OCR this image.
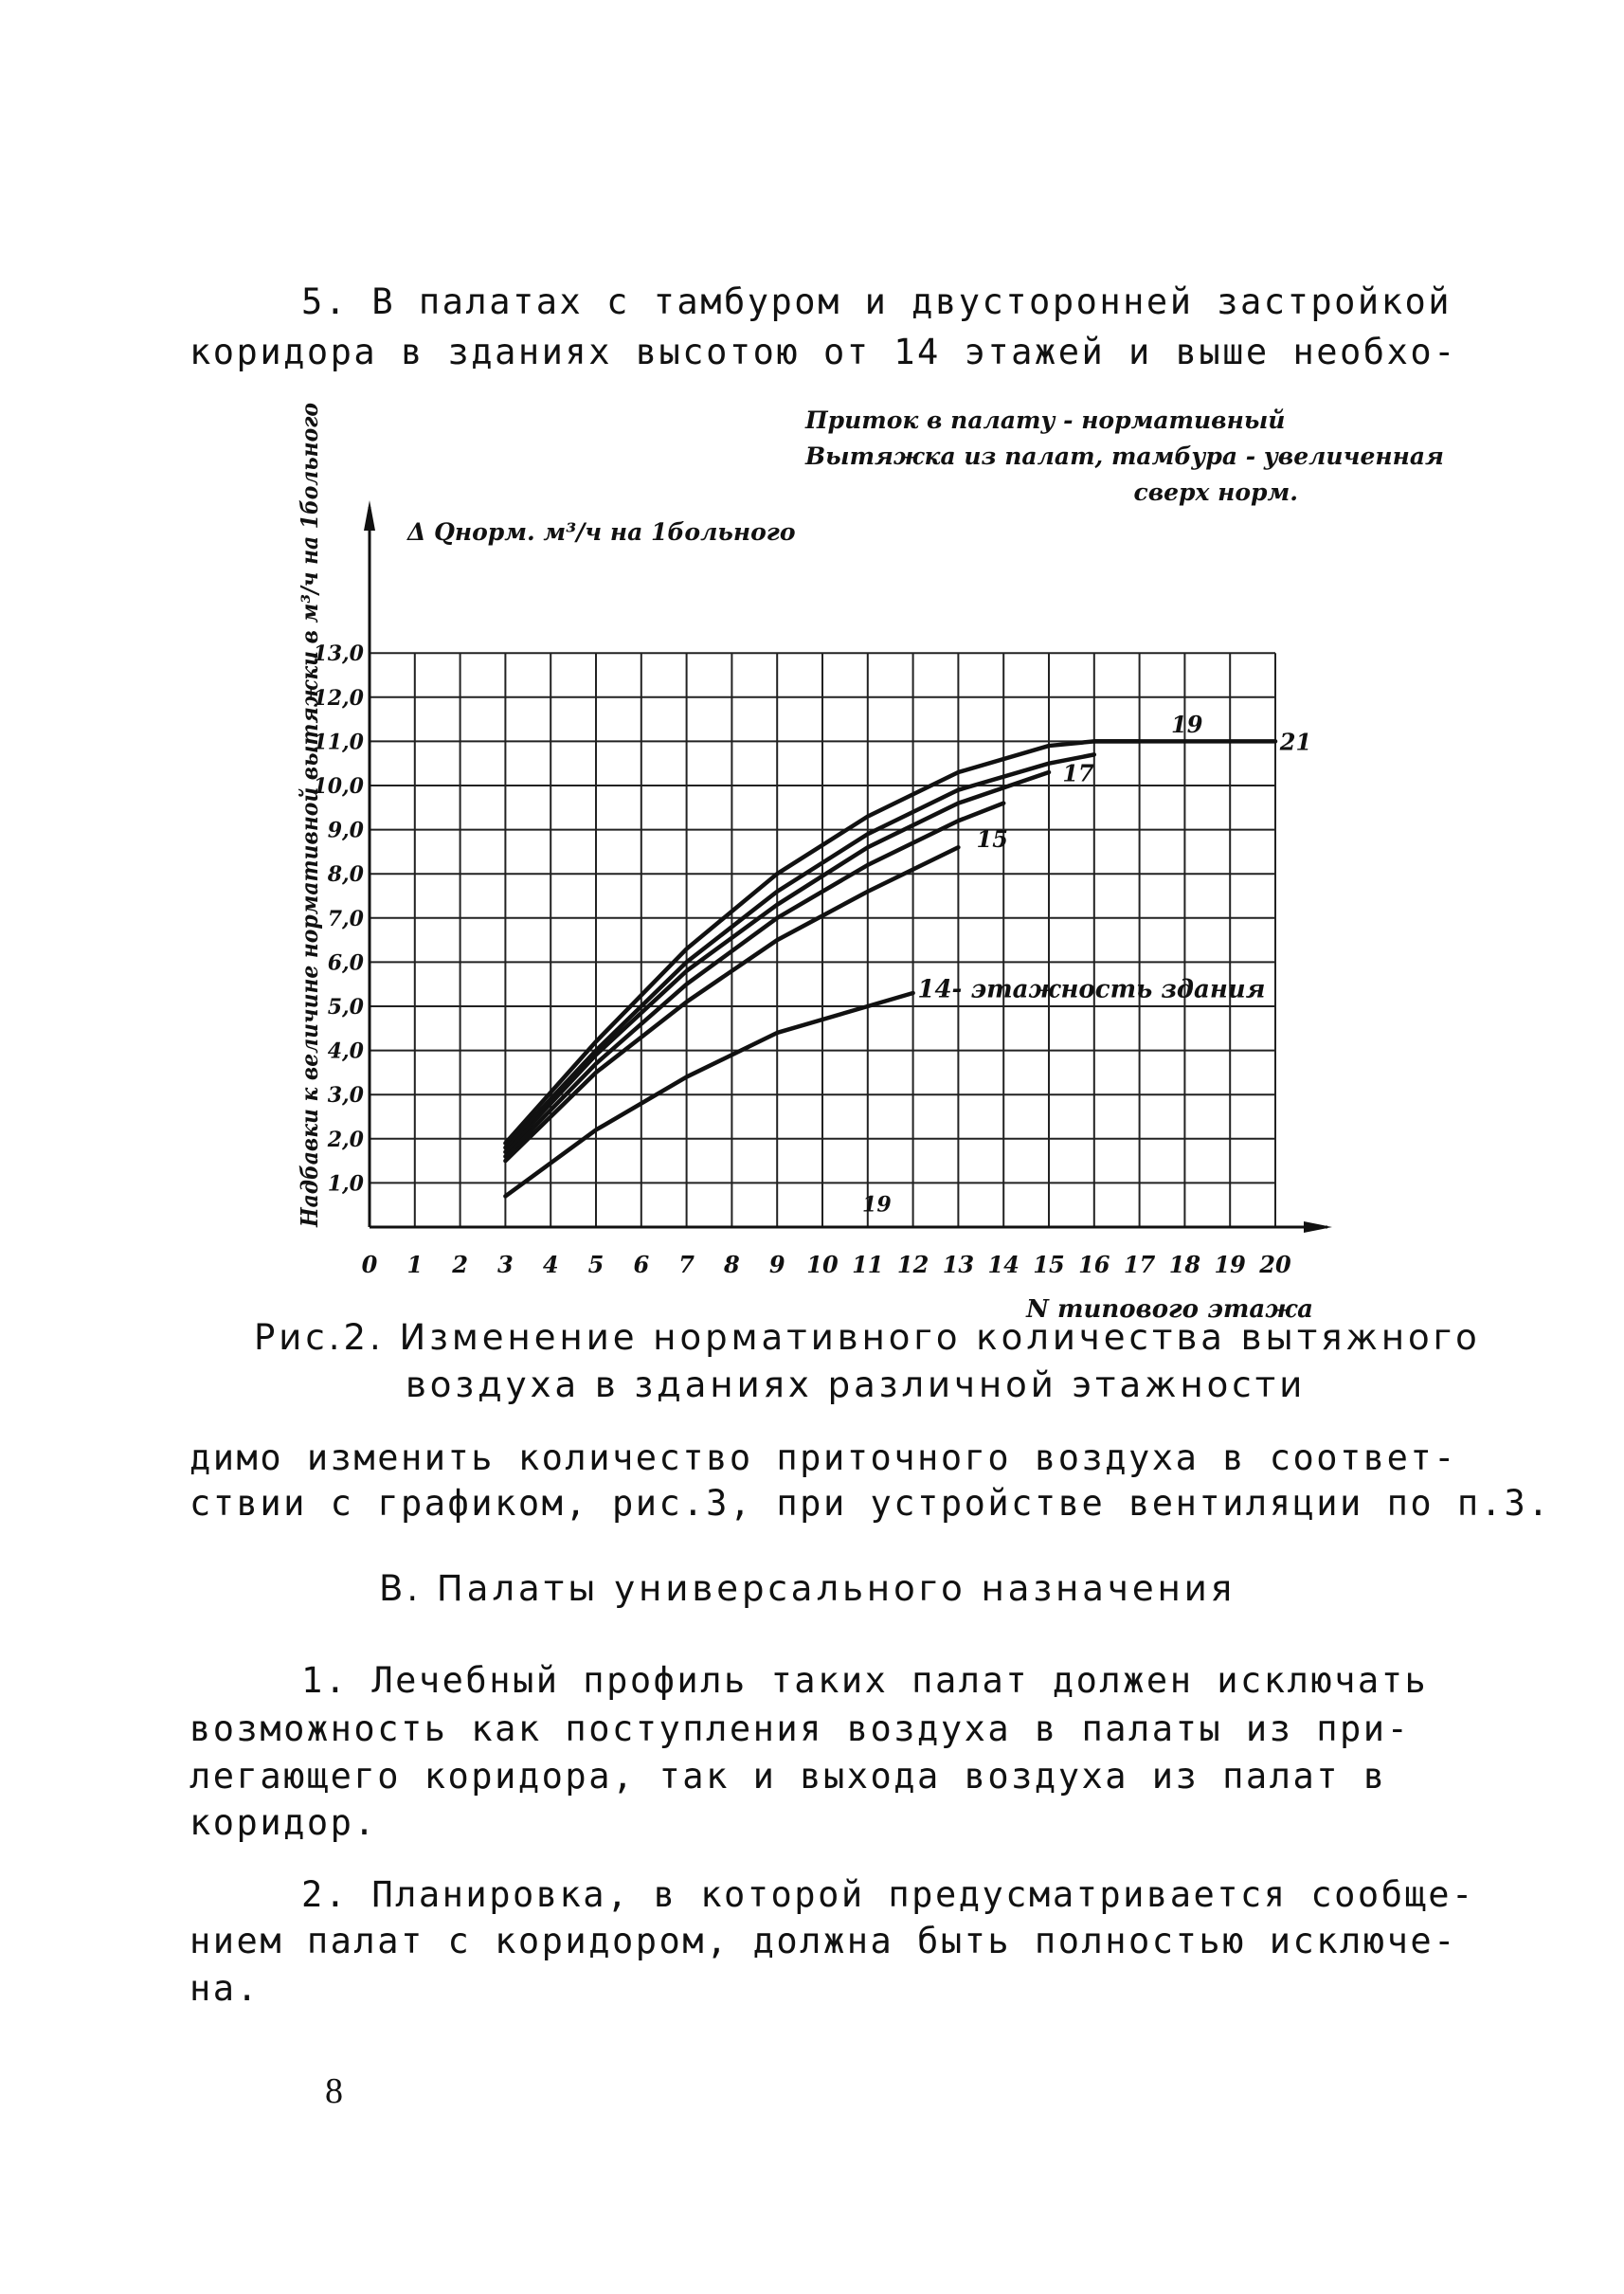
5. В палатах с тамбуром и двусторонней застройкой
коридора в зданиях высотою от 14 этажей и выше необхо-
0 1 2 3 4 5 6 7 8 9 10 11 12 13 14 15 16 17 18 19 20
1,0
2,0
3,0
4,0
5,0
6,0
7,0
8,0
9,0
10,0
11,0
12,0
13,0
Δ Qнорм. м³/ч на 1больного
Надбавки к величине нормативной вытяжки в м³/ч на 1больного
N типового этажа
Приток в палату - нормативный
Вытяжка из палат, тамбура - увеличенная
сверх норм.
14- этажность здания
15
17
19
21
19
Рис.2. Изменение нормативного количества вытяжного
воздуха в зданиях различной этажности
димо изменить количество приточного воздуха в соответ-
ствии с графиком, рис.3, при устройстве вентиляции по п.3.
В. Палаты универсального назначения
1. Лечебный профиль таких палат должен исключать
возможность как поступления воздуха в палаты из при-
легающего коридора, так и выхода воздуха из палат в
коридор.
2. Планировка, в которой предусматривается сообще-
нием палат с коридором, должна быть полностью исключе-
на.
8
